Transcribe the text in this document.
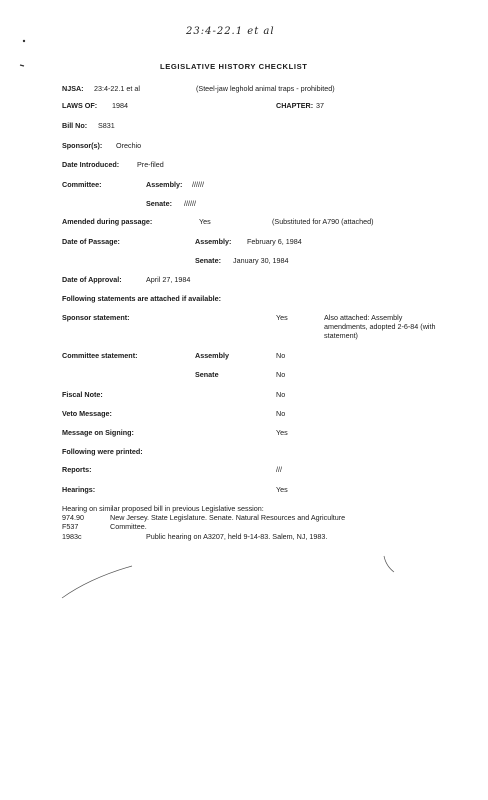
23:4-22.1 et al
LEGISLATIVE HISTORY CHECKLIST
NJSA: 23:4-22.1 et al	(Steel-jaw leghold animal traps - prohibited)
LAWS OF: 1984	CHAPTER: 37
Bill No: S831
Sponsor(s): Orechio
Date Introduced: Pre-filed
Committee:	Assembly: //////
Senate: //////
Amended during passage:	Yes	(Substituted for A790 (attached)
Date of Passage:	Assembly: February 6, 1984
Senate: January 30, 1984
Date of Approval:	April 27, 1984
Following statements are attached if available:
Sponsor statement:	Yes	Also attached: Assembly amendments, adopted 2-6-84 (with statement)
Committee statement:	Assembly	No
Senate	No
Fiscal Note:	No
Veto Message:	No
Message on Signing:	Yes
Following were printed:
Reports:	///
Hearings:	Yes
Hearing on similar proposed bill in previous Legislative session:
974.90	New Jersey. State Legislature. Senate. Natural Resources and Agriculture
F537	Committee.
1983c	Public hearing on A3207, held 9-14-83. Salem, NJ, 1983.
